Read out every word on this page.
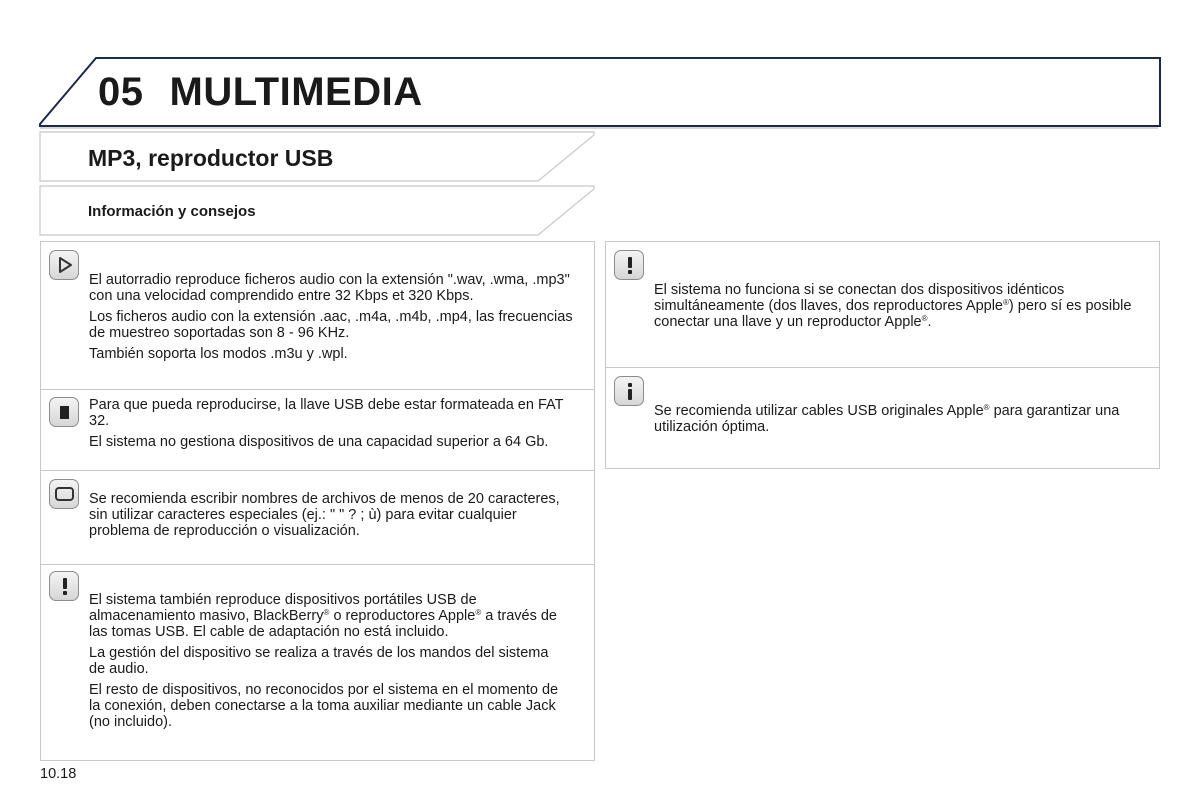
05 MULTIMEDIA
MP3, reproductor USB
Información y consejos

El autorradio reproduce ficheros audio con la extensión ".wav, .wma, .mp3" con una velocidad comprendido entre 32 Kbps et 320 Kbps.

Los ficheros audio con la extensión .aac, .m4a, .m4b, .mp4, las frecuencias de muestreo soportadas son 8 - 96 KHz.

También soporta los modos .m3u y .wpl.

Para que pueda reproducirse, la llave USB debe estar formateada en FAT 32.

El sistema no gestiona dispositivos de una capacidad superior a 64 Gb.

Se recomienda escribir nombres de archivos de menos de 20 caracteres, sin utilizar caracteres especiales (ej.: " " ? ; ù) para evitar cualquier problema de reproducción o visualización.

El sistema también reproduce dispositivos portátiles USB de almacenamiento masivo, BlackBerry® o reproductores Apple® a través de las tomas USB. El cable de adaptación no está incluido.

La gestión del dispositivo se realiza a través de los mandos del sistema de audio.

El resto de dispositivos, no reconocidos por el sistema en el momento de la conexión, deben conectarse a la toma auxiliar mediante un cable Jack (no incluido).

El sistema no funciona si se conectan dos dispositivos idénticos simultáneamente (dos llaves, dos reproductores Apple®) pero sí es posible conectar una llave y un reproductor Apple®.

Se recomienda utilizar cables USB originales Apple® para garantizar una utilización óptima.

10.18
